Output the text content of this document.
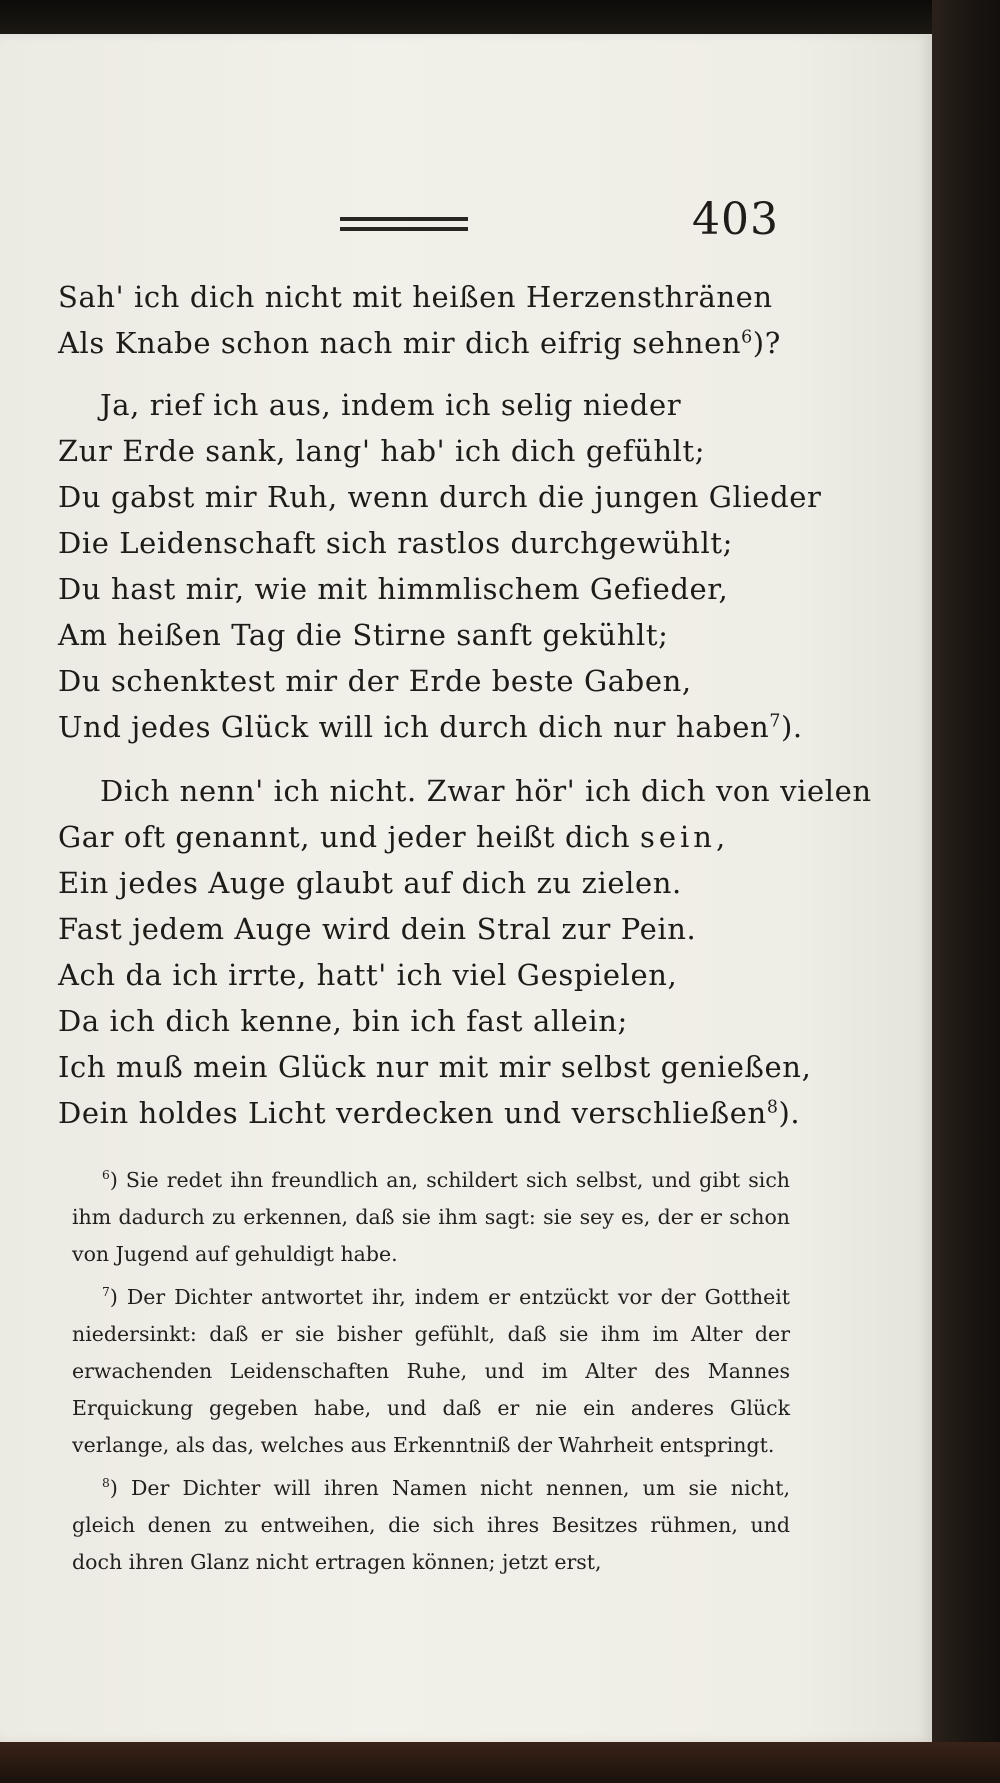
403
Sah' ich dich nicht mit heißen Herzensthränen
Als Knabe schon nach mir dich eifrig sehnen$^6$)?
Ja, rief ich aus, indem ich selig nieder
Zur Erde sank, lang' hab' ich dich gefühlt;
Du gabst mir Ruh, wenn durch die jungen Glieder
Die Leidenschaft sich rastlos durchgewühlt;
Du hast mir, wie mit himmlischem Gefieder,
Am heißen Tag die Stirne sanft gekühlt;
Du schenktest mir der Erde beste Gaben,
Und jedes Glück will ich durch dich nur haben$^7$).
Dich nenn' ich nicht. Zwar hör' ich dich von vielen
Gar oft genannt, und jeder heißt dich sein,
Ein jedes Auge glaubt auf dich zu zielen.
Fast jedem Auge wird dein Stral zur Pein.
Ach da ich irrte, hatt' ich viel Gespielen,
Da ich dich kenne, bin ich fast allein;
Ich muß mein Glück nur mit mir selbst genießen,
Dein holdes Licht verdecken und verschließen$^8$).

$^6$) Sie redet ihn freundlich an, schildert sich selbst, und gibt sich ihm dadurch zu erkennen, daß sie ihm sagt: sie sey es, der er schon von Jugend auf gehuldigt habe.

$^7$) Der Dichter antwortet ihr, indem er entzückt vor der Gottheit niedersinkt: daß er sie bisher gefühlt, daß sie ihm im Alter der erwachenden Leidenschaften Ruhe, und im Alter des Mannes Erquickung gegeben habe, und daß er nie ein anderes Glück verlange, als das, welches aus Erkenntniß der Wahrheit entspringt.

$^8$) Der Dichter will ihren Namen nicht nennen, um sie nicht, gleich denen zu entweihen, die sich ihres Besitzes rühmen, und doch ihren Glanz nicht ertragen können; jetzt erst,
